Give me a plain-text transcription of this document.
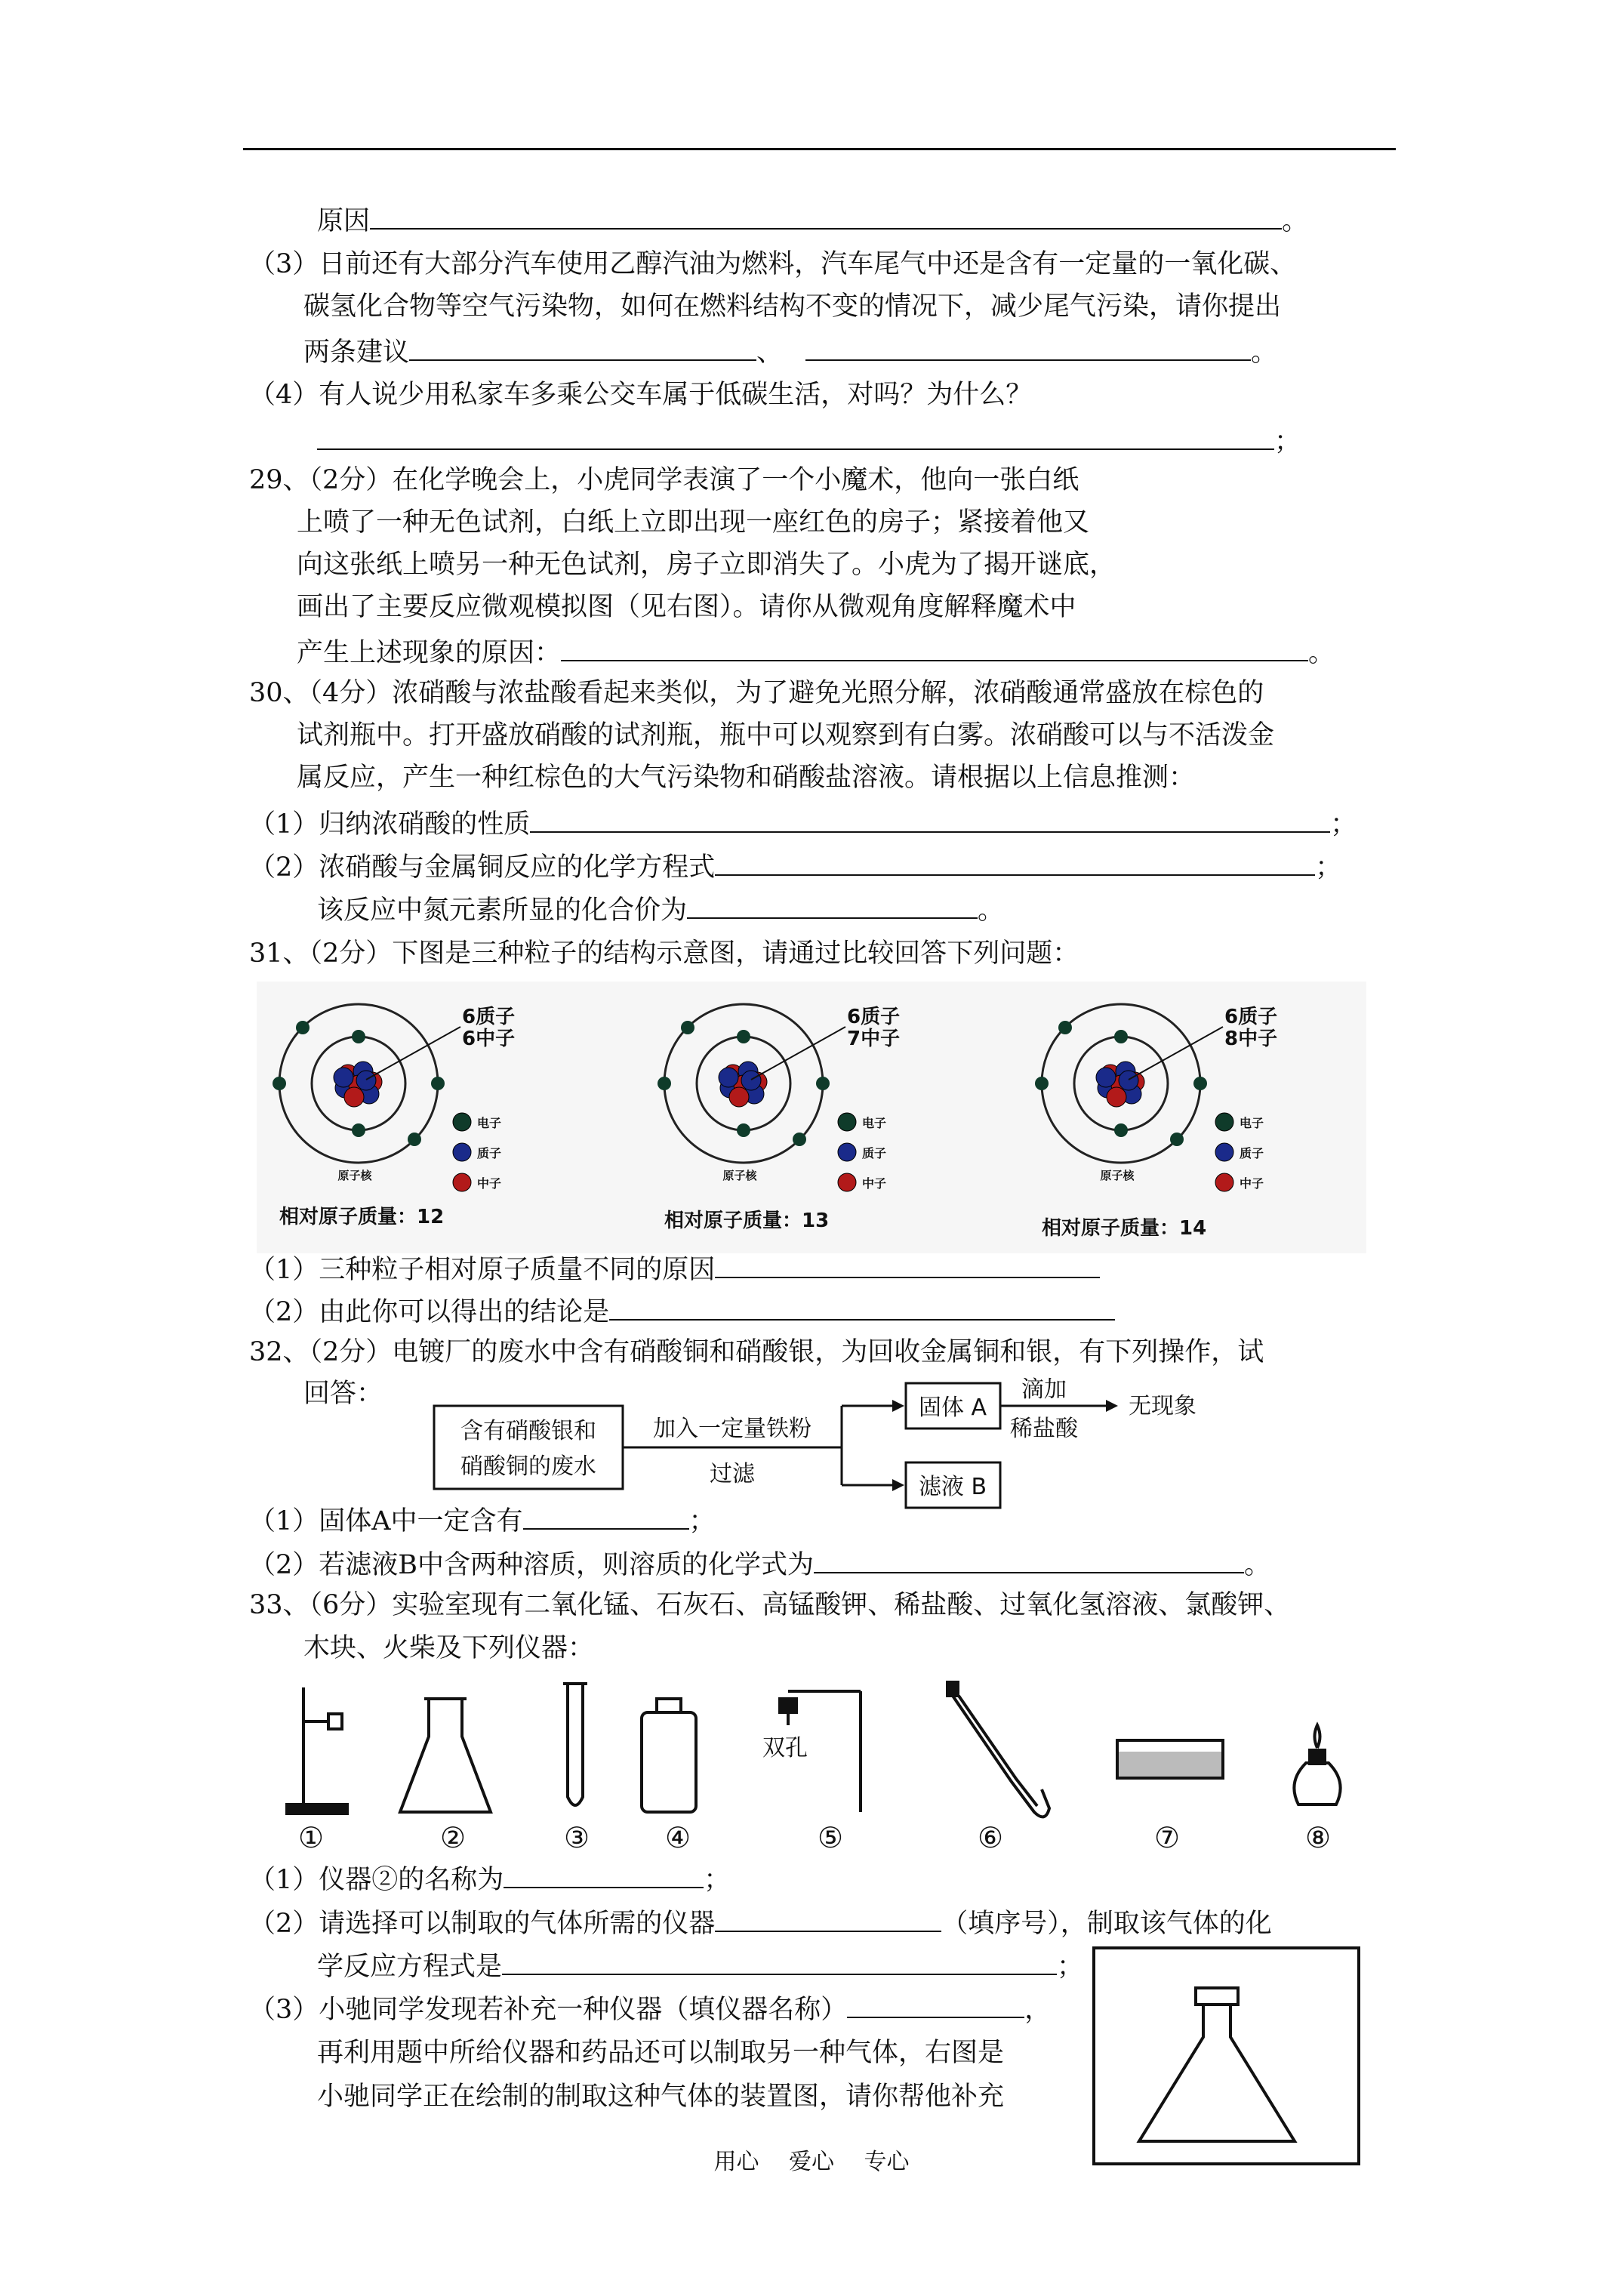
原因	。
（3）日前还有大部分汽车使用乙醇汽油为燃料，汽车尾气中还是含有一定量的一氧化碳、
碳氢化合物等空气污染物，如何在燃料结构不变的情况下，减少尾气污染，请你提出
两条建议	、	。
（4）有人说少用私家车多乘公交车属于低碳生活，对吗？为什么？
；
29、（2分）在化学晚会上，小虎同学表演了一个小魔术，他向一张白纸
上喷了一种无色试剂，白纸上立即出现一座红色的房子；紧接着他又
向这张纸上喷另一种无色试剂，房子立即消失了。小虎为了揭开谜底，
画出了主要反应微观模拟图（见右图）。请你从微观角度解释魔术中
产生上述现象的原因：	。
30、（4分）浓硝酸与浓盐酸看起来类似，为了避免光照分解，浓硝酸通常盛放在棕色的
试剂瓶中。打开盛放硝酸的试剂瓶，瓶中可以观察到有白雾。浓硝酸可以与不活泼金
属反应，产生一种红棕色的大气污染物和硝酸盐溶液。请根据以上信息推测：
（1）归纳浓硝酸的性质	；
（2）浓硝酸与金属铜反应的化学方程式	；
该反应中氮元素所显的化合价为	。
31、（2分）下图是三种粒子的结构示意图，请通过比较回答下列问题：
6质子
6中子
电子
质子
中子
原子核
相对原子质量：12
6质子
7中子
电子
质子
中子
原子核
相对原子质量：13
6质子
8中子
电子
质子
中子
原子核
相对原子质量：14
（1）三种粒子相对原子质量不同的原因
（2）由此你可以得出的结论是
32、（2分）电镀厂的废水中含有硝酸铜和硝酸银，为回收金属铜和银，有下列操作，试
回答：
含有硝酸银和
硝酸铜的废水
加入一定量铁粉
过滤
固体 A
滤液 B
滴加
稀盐酸
无现象
（1）固体A中一定含有	；
（2）若滤液B中含两种溶质，则溶质的化学式为	。
33、（6分）实验室现有二氧化锰、石灰石、高锰酸钾、稀盐酸、过氧化氢溶液、氯酸钾、
木块、火柴及下列仪器：
双孔
①	②	③	④	⑤	⑥	⑦	⑧
（1）仪器②的名称为	；
（2）请选择可以制取的气体所需的仪器	（填序号），制取该气体的化
学反应方程式是	；
（3）小驰同学发现若补充一种仪器（填仪器名称）	，
再利用题中所给仪器和药品还可以制取另一种气体，右图是
小驰同学正在绘制的制取这种气体的装置图，请你帮他补充
用心 爱心 专心
